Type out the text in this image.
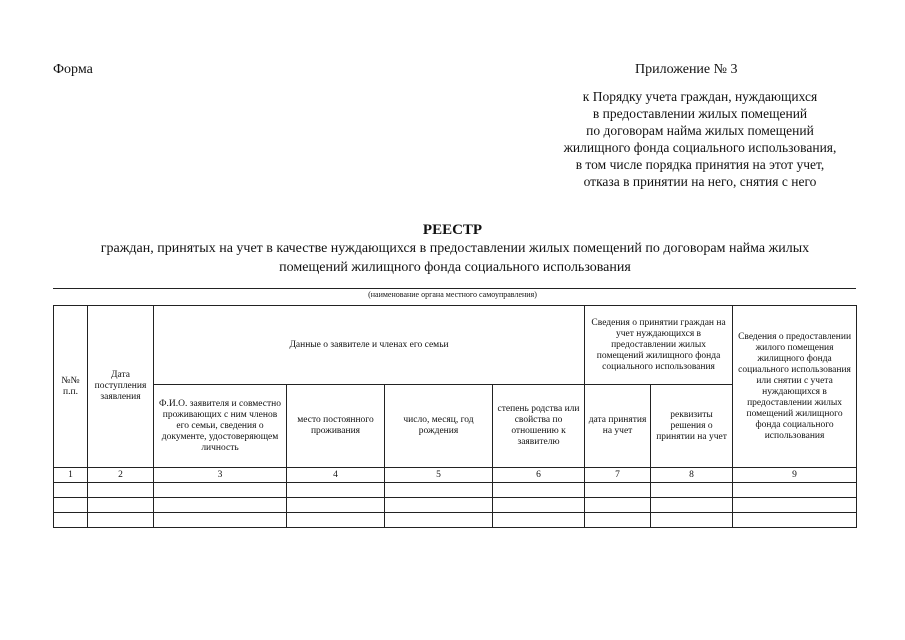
Форма	Приложение № 3
к Порядку учета граждан, нуждающихся
в предоставлении жилых помещений
по договорам найма жилых помещений
жилищного фонда социального использования,
в том числе порядка принятия на этот учет,
отказа в принятии на него, снятия с него
РЕЕСТР
граждан, принятых на учет в качестве нуждающихся в предоставлении жилых помещений по договорам найма жилых
помещений жилищного фонда социального использования
(наименование органа местного самоуправления)
№№ п.п.	Дата поступления заявления	Данные о заявителе и членах его семьи				Сведения о принятии граждан на учет нуждающихся в предоставлении жилых помещений жилищного фонда социального использования		Сведения о предоставлении жилого помещения жилищного фонда социального использования или снятии с учета нуждающихся в предоставлении жилых помещений жилищного фонда социального использования
		Ф.И.О. заявителя и совместно проживающих с ним членов его семьи, сведения о документе, удостоверяющем личность	место постоянного проживания	число, месяц, год рождения	степень родства или свойства по отношению к заявителю	дата принятия на учет	реквизиты решения о принятии на учет	
1	2	3	4	5	6	7	8	9
